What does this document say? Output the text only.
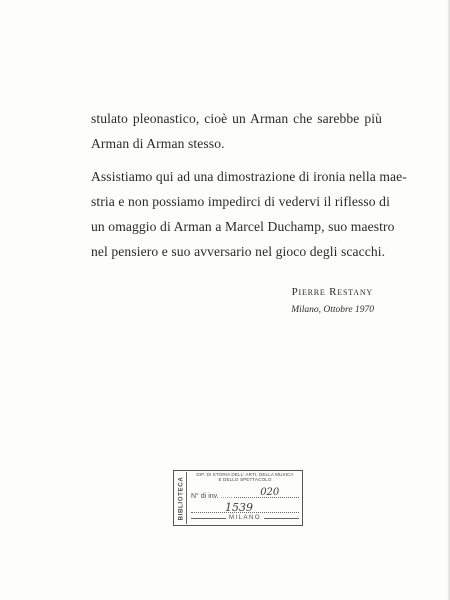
stulato pleonastico, cioè un Arman che sarebbe più
Arman di Arman stesso.

Assistiamo qui ad una dimostrazione di ironia nella mae-
stria e non possiamo impedirci di vedervi il riflesso di
un omaggio di Arman a Marcel Duchamp, suo maestro
nel pensiero e suo avversario nel gioco degli scacchi.

Pierre Restany
Milano, Ottobre 1970
BIBLIOTECA
DIP. DI STORIA DELL' ARTI, DELLA MUSICA
E DELLO SPETTACOLO
N° di inv. ......	020
1539
MILANO
